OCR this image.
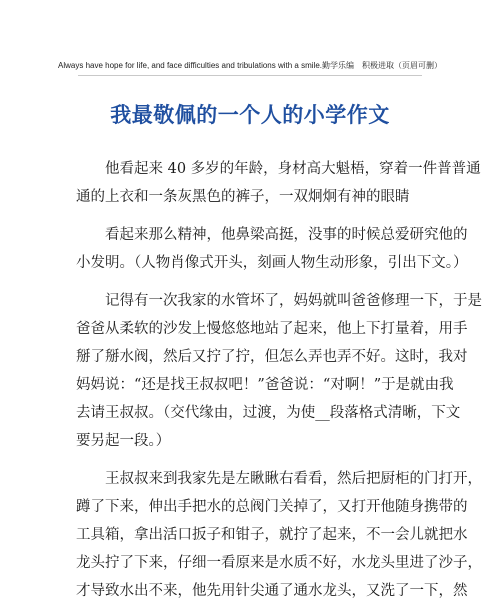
Always have hope for life, and face difficulties and tribulations with a smile.勤学乐编　积极进取（页眉可删）
我最敬佩的一个人的小学作文
他看起来 40 多岁的年龄，身材高大魁梧，穿着一件普普通
通的上衣和一条灰黑色的裤子，一双炯炯有神的眼睛
看起来那么精神，他鼻梁高挺，没事的时候总爱研究他的
小发明。（人物肖像式开头，刻画人物生动形象，引出下文。）
记得有一次我家的水管坏了，妈妈就叫爸爸修理一下，于是
爸爸从柔软的沙发上慢悠悠地站了起来，他上下打量着，用手
掰了掰水阀，然后又拧了拧，但怎么弄也弄不好。这时，我对
妈妈说：“还是找王叔叔吧！”爸爸说：“对啊！”于是就由我
去请王叔叔。（交代缘由，过渡，为使__段落格式清晰，下文
要另起一段。）
王叔叔来到我家先是左瞅瞅右看看，然后把厨柜的门打开，
蹲了下来，伸出手把水的总阀门关掉了，又打开他随身携带的
工具箱，拿出活口扳子和钳子，就拧了起来，不一会儿就把水
龙头拧了下来，仔细一看原来是水质不好，水龙头里进了沙子，
才导致水出不来，他先用针尖通了通水龙头，又洗了一下，然
